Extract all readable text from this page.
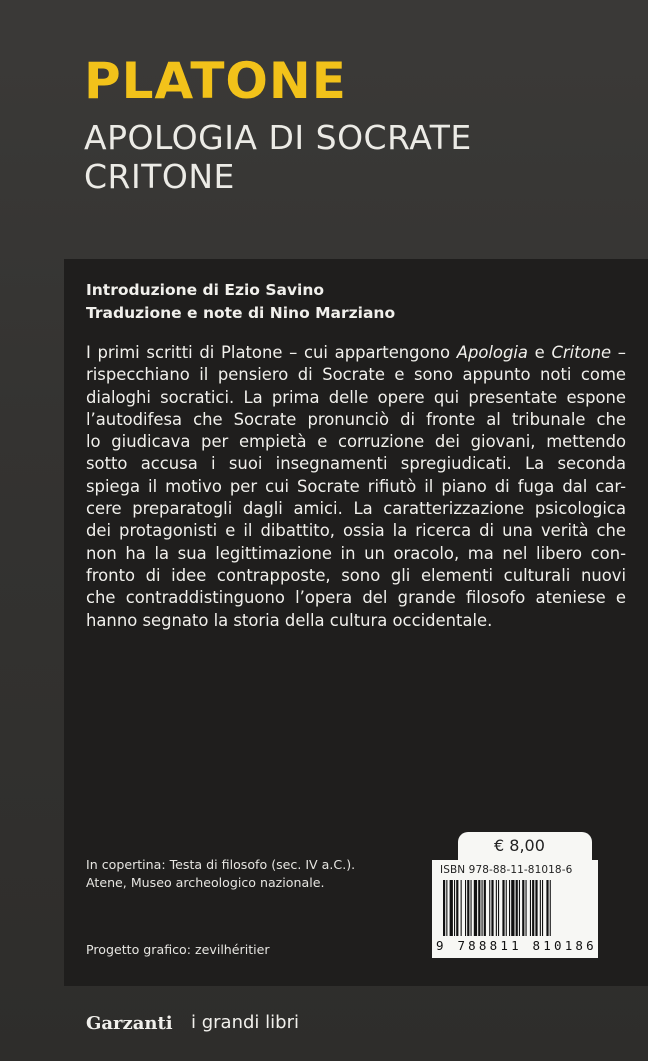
PLATONE
APOLOGIA DI SOCRATE
CRITONE
Introduzione di Ezio Savino
Traduzione e note di Nino Marziano
I primi scritti di Platone – cui appartengono Apologia e Critone –
rispecchiano il pensiero di Socrate e sono appunto noti come
dialoghi socratici. La prima delle opere qui presentate espone
l’autodifesa che Socrate pronunciò di fronte al tribunale che
lo giudicava per empietà e corruzione dei giovani, mettendo
sotto accusa i suoi insegnamenti spregiudicati. La seconda
spiega il motivo per cui Socrate rifiutò il piano di fuga dal car-
cere preparatogli dagli amici. La caratterizzazione psicologica
dei protagonisti e il dibattito, ossia la ricerca di una verità che
non ha la sua legittimazione in un oracolo, ma nel libero con-
fronto di idee contrapposte, sono gli elementi culturali nuovi
che contraddistinguono l’opera del grande filosofo ateniese e
hanno segnato la storia della cultura occidentale.
In copertina: Testa di filosofo (sec. IV a.C.).
Atene, Museo archeologico nazionale.
Progetto grafico: zevilhéritier
€ 8,00
ISBN 978-88-11-81018-6
9 788811 810186
Garzanti i grandi libri
